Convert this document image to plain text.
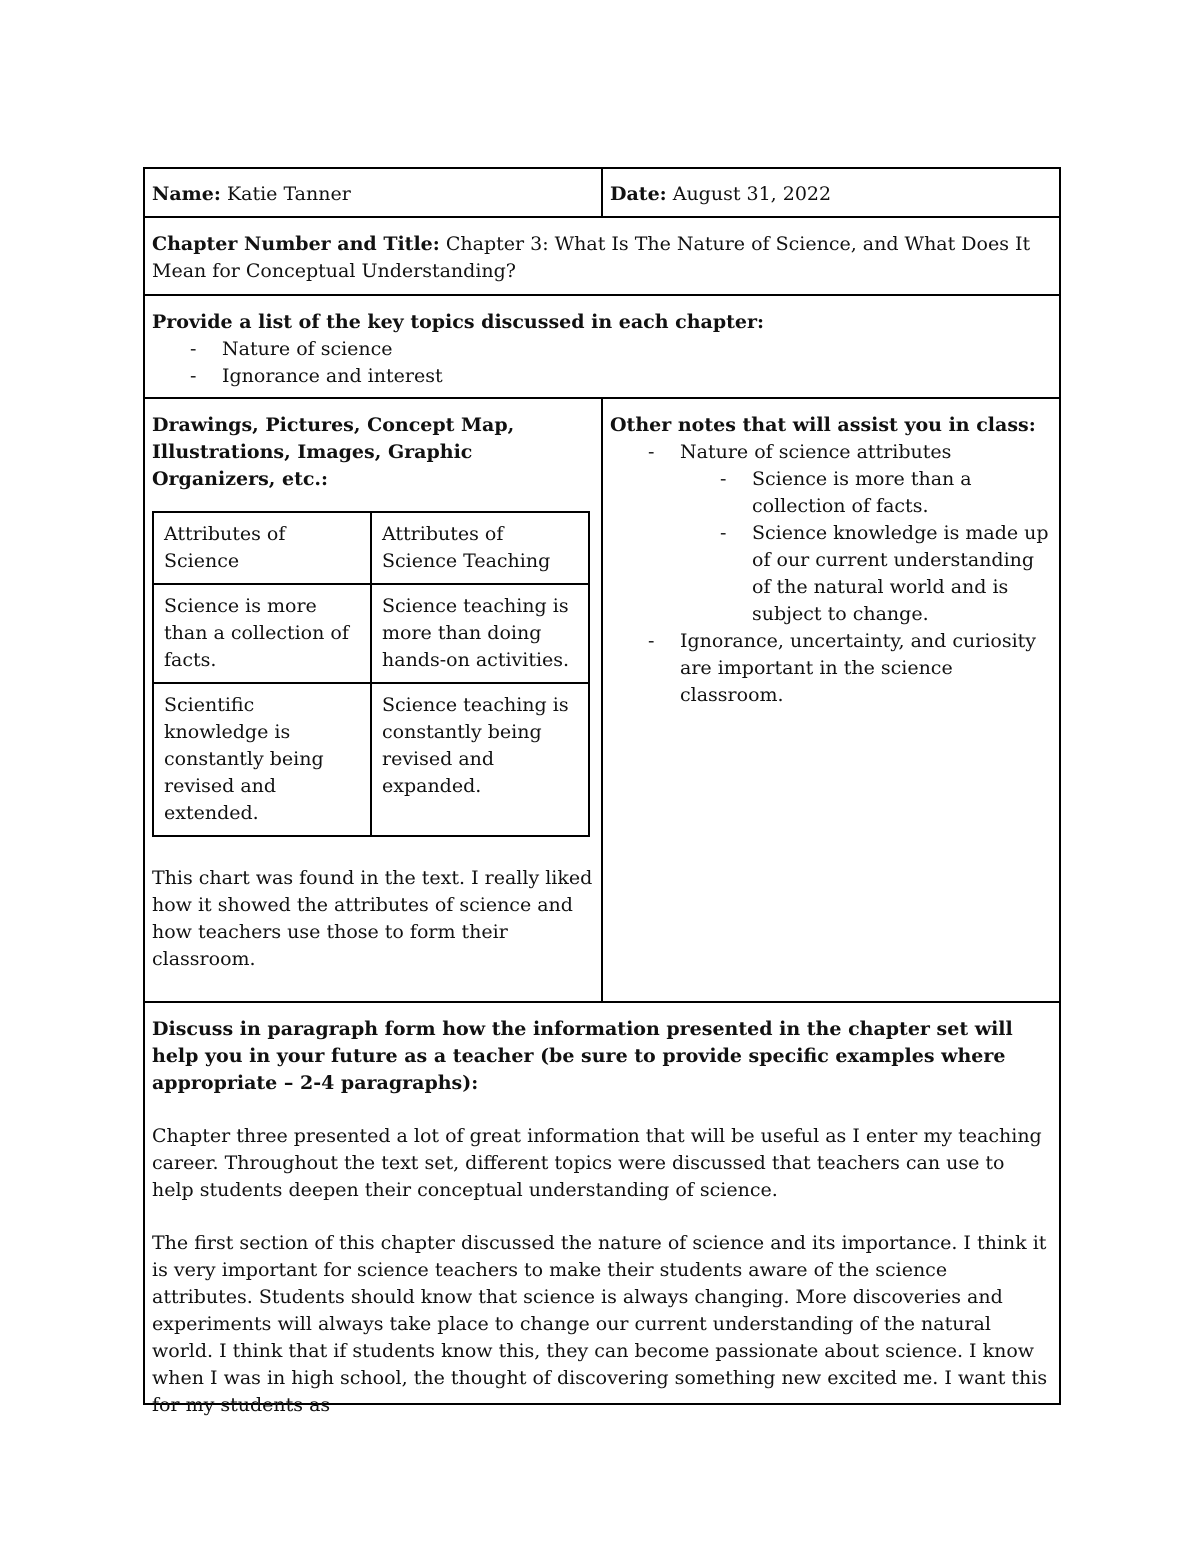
Name: Katie Tanner	Date: August 31, 2022
Chapter Number and Title: Chapter 3: What Is The Nature of Science, and What Does It Mean for Conceptual Understanding?
Provide a list of the key topics discussed in each chapter:
- Nature of science
- Ignorance and interest
Drawings, Pictures, Concept Map, Illustrations, Images, Graphic Organizers, etc.:
Attributes of Science	Attributes of Science Teaching
Science is more than a collection of facts.	Science teaching is more than doing hands-on activities.
Scientific knowledge is constantly being revised and extended.	Science teaching is constantly being revised and expanded.
This chart was found in the text. I really liked how it showed the attributes of science and how teachers use those to form their classroom.
Other notes that will assist you in class:
- Nature of science attributes
- Science is more than a collection of facts.
- Science knowledge is made up of our current understanding of the natural world and is subject to change.
- Ignorance, uncertainty, and curiosity are important in the science classroom.
Discuss in paragraph form how the information presented in the chapter set will help you in your future as a teacher (be sure to provide specific examples where appropriate – 2-4 paragraphs):

Chapter three presented a lot of great information that will be useful as I enter my teaching career. Throughout the text set, different topics were discussed that teachers can use to help students deepen their conceptual understanding of science.

The first section of this chapter discussed the nature of science and its importance. I think it is very important for science teachers to make their students aware of the science attributes. Students should know that science is always changing. More discoveries and experiments will always take place to change our current understanding of the natural world. I think that if students know this, they can become passionate about science. I know when I was in high school, the thought of discovering something new excited me. I want this for my students as
